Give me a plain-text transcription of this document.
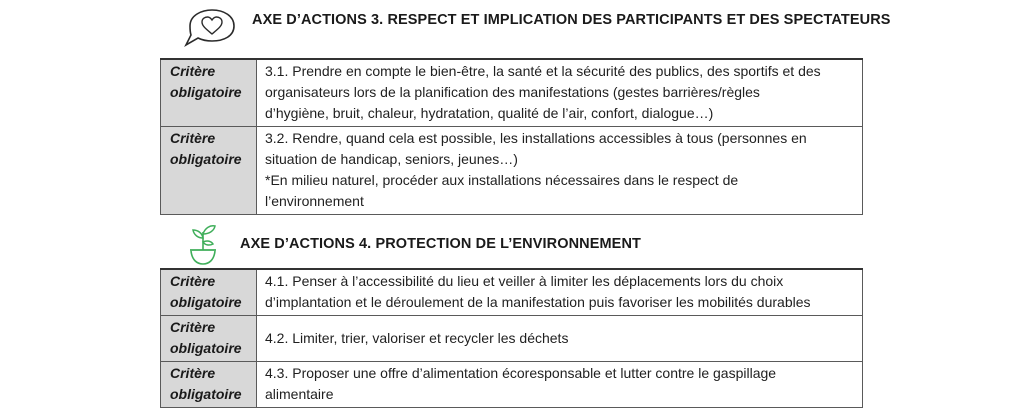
AXE D’ACTIONS 3. RESPECT ET IMPLICATION DES PARTICIPANTS ET DES SPECTATEURS
Critère
obligatoire	3.1. Prendre en compte le bien-être, la santé et la sécurité des publics, des sportifs et des
organisateurs lors de la planification des manifestations (gestes barrières/règles
d’hygiène, bruit, chaleur, hydratation, qualité de l’air, confort, dialogue…)

Critère
obligatoire	3.2. Rendre, quand cela est possible, les installations accessibles à tous (personnes en
situation de handicap, seniors, jeunes…)
*En milieu naturel, procéder aux installations nécessaires dans le respect de
l’environnement
AXE D’ACTIONS 4. PROTECTION DE L’ENVIRONNEMENT
Critère
obligatoire	4.1. Penser à l’accessibilité du lieu et veiller à limiter les déplacements lors du choix
d’implantation et le déroulement de la manifestation puis favoriser les mobilités durables

Critère
obligatoire	4.2. Limiter, trier, valoriser et recycler les déchets

Critère
obligatoire	4.3. Proposer une offre d’alimentation écoresponsable et lutter contre le gaspillage
alimentaire
